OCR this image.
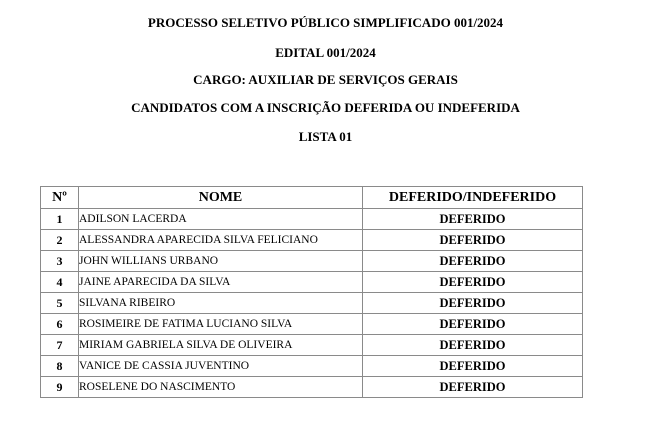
PROCESSO SELETIVO PÚBLICO SIMPLIFICADO 001/2024
EDITAL 001/2024
CARGO: AUXILIAR DE SERVIÇOS GERAIS
CANDIDATOS COM A INSCRIÇÃO DEFERIDA OU INDEFERIDA
LISTA 01
Nº	NOME	DEFERIDO/INDEFERIDO
1	ADILSON LACERDA	DEFERIDO
2	ALESSANDRA APARECIDA SILVA FELICIANO	DEFERIDO
3	JOHN WILLIANS URBANO	DEFERIDO
4	JAINE APARECIDA DA SILVA	DEFERIDO
5	SILVANA RIBEIRO	DEFERIDO
6	ROSIMEIRE DE FATIMA LUCIANO SILVA	DEFERIDO
7	MIRIAM GABRIELA SILVA DE OLIVEIRA	DEFERIDO
8	VANICE DE CASSIA JUVENTINO	DEFERIDO
9	ROSELENE DO NASCIMENTO	DEFERIDO
